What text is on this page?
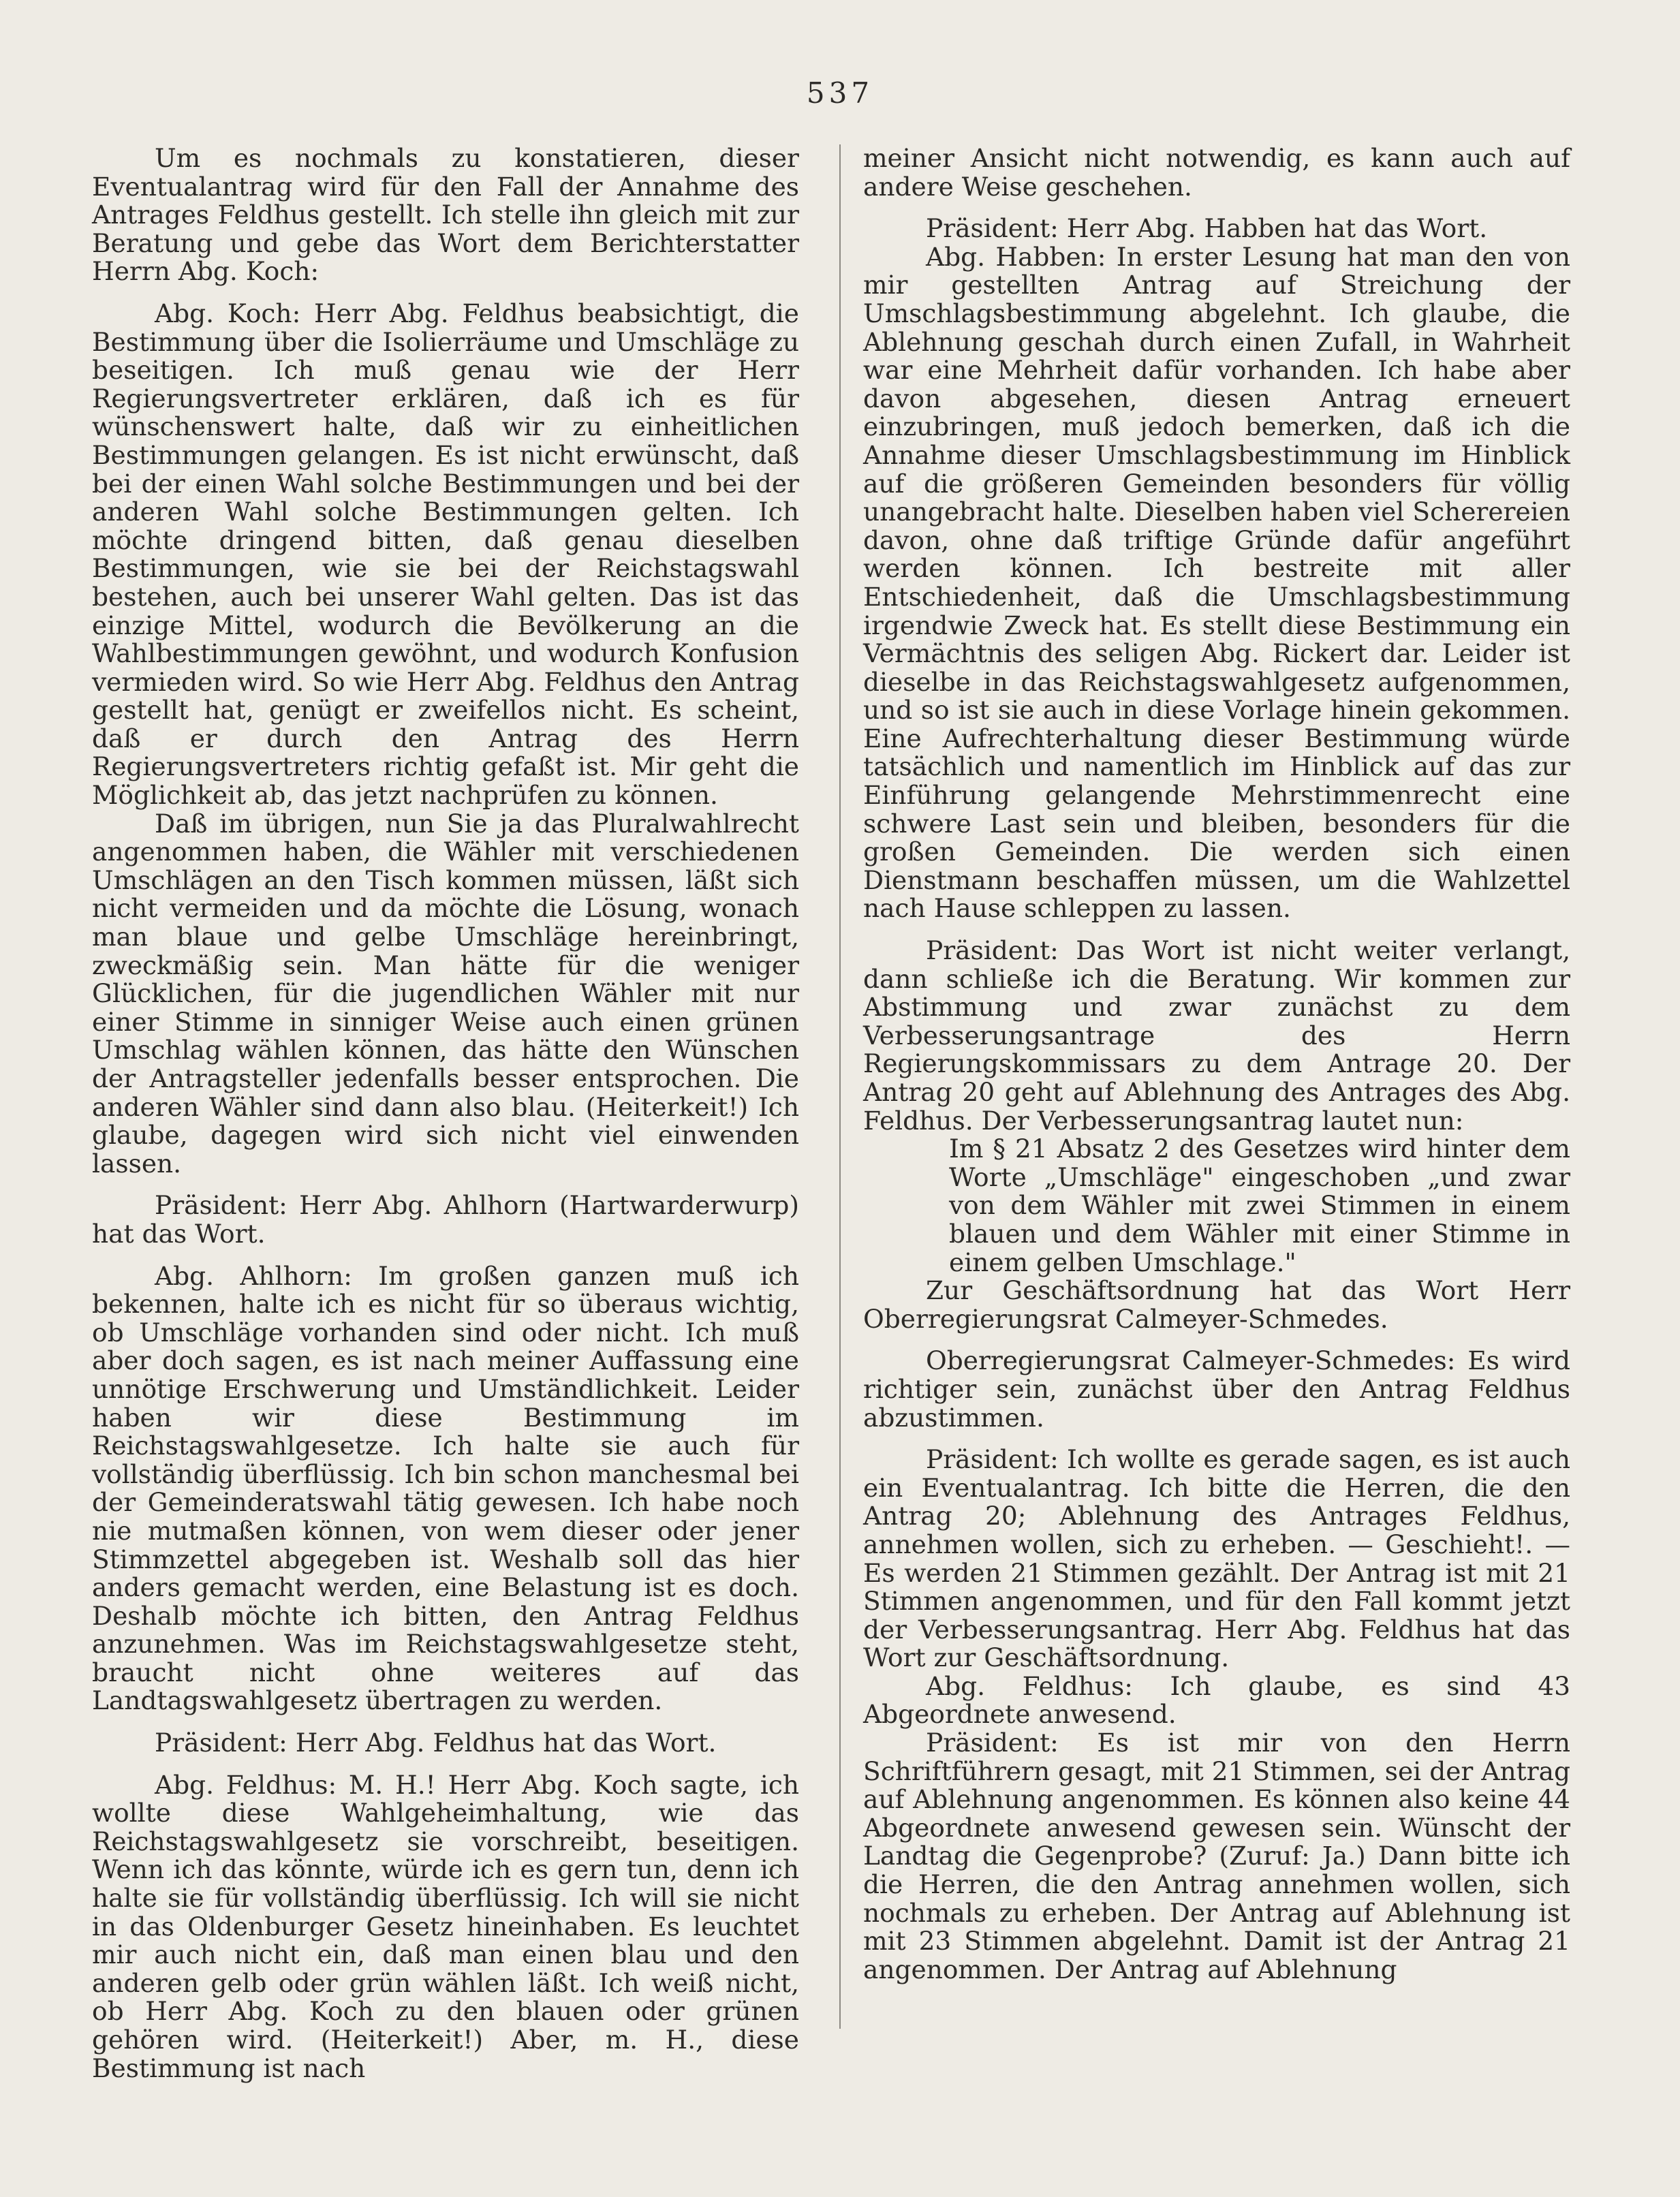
537

Um es nochmals zu konstatieren, dieser Eventualantrag wird für den Fall der Annahme des Antrages Feldhus gestellt. Ich stelle ihn gleich mit zur Beratung und gebe das Wort dem Berichterstatter Herrn Abg. Koch:

Abg. Koch: Herr Abg. Feldhus beabsichtigt, die Bestimmung über die Isolierräume und Umschläge zu beseitigen. Ich muß genau wie der Herr Regierungsvertreter erklären, daß ich es für wünschenswert halte, daß wir zu einheitlichen Bestimmungen gelangen. Es ist nicht erwünscht, daß bei der einen Wahl solche Bestimmungen und bei der anderen Wahl solche Bestimmungen gelten. Ich möchte dringend bitten, daß genau dieselben Bestimmungen, wie sie bei der Reichstagswahl bestehen, auch bei unserer Wahl gelten. Das ist das einzige Mittel, wodurch die Bevölkerung an die Wahlbestimmungen gewöhnt, und wodurch Konfusion vermieden wird. So wie Herr Abg. Feldhus den Antrag gestellt hat, genügt er zweifellos nicht. Es scheint, daß er durch den Antrag des Herrn Regierungsvertreters richtig gefaßt ist. Mir geht die Möglichkeit ab, das jetzt nachprüfen zu können.

Daß im übrigen, nun Sie ja das Pluralwahlrecht angenommen haben, die Wähler mit verschiedenen Umschlägen an den Tisch kommen müssen, läßt sich nicht vermeiden und da möchte die Lösung, wonach man blaue und gelbe Umschläge hereinbringt, zweckmäßig sein. Man hätte für die weniger Glücklichen, für die jugendlichen Wähler mit nur einer Stimme in sinniger Weise auch einen grünen Umschlag wählen können, das hätte den Wünschen der Antragsteller jedenfalls besser entsprochen. Die anderen Wähler sind dann also blau. (Heiterkeit!) Ich glaube, dagegen wird sich nicht viel einwenden lassen.

Präsident: Herr Abg. Ahlhorn (Hartwarderwurp) hat das Wort.

Abg. Ahlhorn: Im großen ganzen muß ich bekennen, halte ich es nicht für so überaus wichtig, ob Umschläge vorhanden sind oder nicht. Ich muß aber doch sagen, es ist nach meiner Auffassung eine unnötige Erschwerung und Umständlichkeit. Leider haben wir diese Bestimmung im Reichstagswahlgesetze. Ich halte sie auch für vollständig überflüssig. Ich bin schon manchesmal bei der Gemeinderatswahl tätig gewesen. Ich habe noch nie mutmaßen können, von wem dieser oder jener Stimmzettel abgegeben ist. Weshalb soll das hier anders gemacht werden, eine Belastung ist es doch. Deshalb möchte ich bitten, den Antrag Feldhus anzunehmen. Was im Reichstagswahlgesetze steht, braucht nicht ohne weiteres auf das Landtagswahlgesetz übertragen zu werden.

Präsident: Herr Abg. Feldhus hat das Wort.

Abg. Feldhus: M. H.! Herr Abg. Koch sagte, ich wollte diese Wahlgeheimhaltung, wie das Reichstagswahlgesetz sie vorschreibt, beseitigen. Wenn ich das könnte, würde ich es gern tun, denn ich halte sie für vollständig überflüssig. Ich will sie nicht in das Oldenburger Gesetz hineinhaben. Es leuchtet mir auch nicht ein, daß man einen blau und den anderen gelb oder grün wählen läßt. Ich weiß nicht, ob Herr Abg. Koch zu den blauen oder grünen gehören wird. (Heiterkeit!) Aber, m. H., diese Bestimmung ist nach

meiner Ansicht nicht notwendig, es kann auch auf andere Weise geschehen.

Präsident: Herr Abg. Habben hat das Wort.

Abg. Habben: In erster Lesung hat man den von mir gestellten Antrag auf Streichung der Umschlagsbestimmung abgelehnt. Ich glaube, die Ablehnung geschah durch einen Zufall, in Wahrheit war eine Mehrheit dafür vorhanden. Ich habe aber davon abgesehen, diesen Antrag erneuert einzubringen, muß jedoch bemerken, daß ich die Annahme dieser Umschlagsbestimmung im Hinblick auf die größeren Gemeinden besonders für völlig unangebracht halte. Dieselben haben viel Scherereien davon, ohne daß triftige Gründe dafür angeführt werden können. Ich bestreite mit aller Entschiedenheit, daß die Umschlagsbestimmung irgendwie Zweck hat. Es stellt diese Bestimmung ein Vermächtnis des seligen Abg. Rickert dar. Leider ist dieselbe in das Reichstagswahlgesetz aufgenommen, und so ist sie auch in diese Vorlage hinein gekommen. Eine Aufrechterhaltung dieser Bestimmung würde tatsächlich und namentlich im Hinblick auf das zur Einführung gelangende Mehrstimmenrecht eine schwere Last sein und bleiben, besonders für die großen Gemeinden. Die werden sich einen Dienstmann beschaffen müssen, um die Wahlzettel nach Hause schleppen zu lassen.

Präsident: Das Wort ist nicht weiter verlangt, dann schließe ich die Beratung. Wir kommen zur Abstimmung und zwar zunächst zu dem Verbesserungsantrage des Herrn Regierungskommissars zu dem Antrage 20. Der Antrag 20 geht auf Ablehnung des Antrages des Abg. Feldhus. Der Verbesserungsantrag lautet nun:

Im § 21 Absatz 2 des Gesetzes wird hinter dem Worte „Umschläge" eingeschoben „und zwar von dem Wähler mit zwei Stimmen in einem blauen und dem Wähler mit einer Stimme in einem gelben Umschlage."

Zur Geschäftsordnung hat das Wort Herr Oberregierungsrat Calmeyer-Schmedes.

Oberregierungsrat Calmeyer-Schmedes: Es wird richtiger sein, zunächst über den Antrag Feldhus abzustimmen.

Präsident: Ich wollte es gerade sagen, es ist auch ein Eventualantrag. Ich bitte die Herren, die den Antrag 20; Ablehnung des Antrages Feldhus, annehmen wollen, sich zu erheben. — Geschieht!. — Es werden 21 Stimmen gezählt. Der Antrag ist mit 21 Stimmen angenommen, und für den Fall kommt jetzt der Verbesserungsantrag. Herr Abg. Feldhus hat das Wort zur Geschäftsordnung.

Abg. Feldhus: Ich glaube, es sind 43 Abgeordnete anwesend.

Präsident: Es ist mir von den Herrn Schriftführern gesagt, mit 21 Stimmen, sei der Antrag auf Ablehnung angenommen. Es können also keine 44 Abgeordnete anwesend gewesen sein. Wünscht der Landtag die Gegenprobe? (Zuruf: Ja.) Dann bitte ich die Herren, die den Antrag annehmen wollen, sich nochmals zu erheben. Der Antrag auf Ablehnung ist mit 23 Stimmen abgelehnt. Damit ist der Antrag 21 angenommen. Der Antrag auf Ablehnung
